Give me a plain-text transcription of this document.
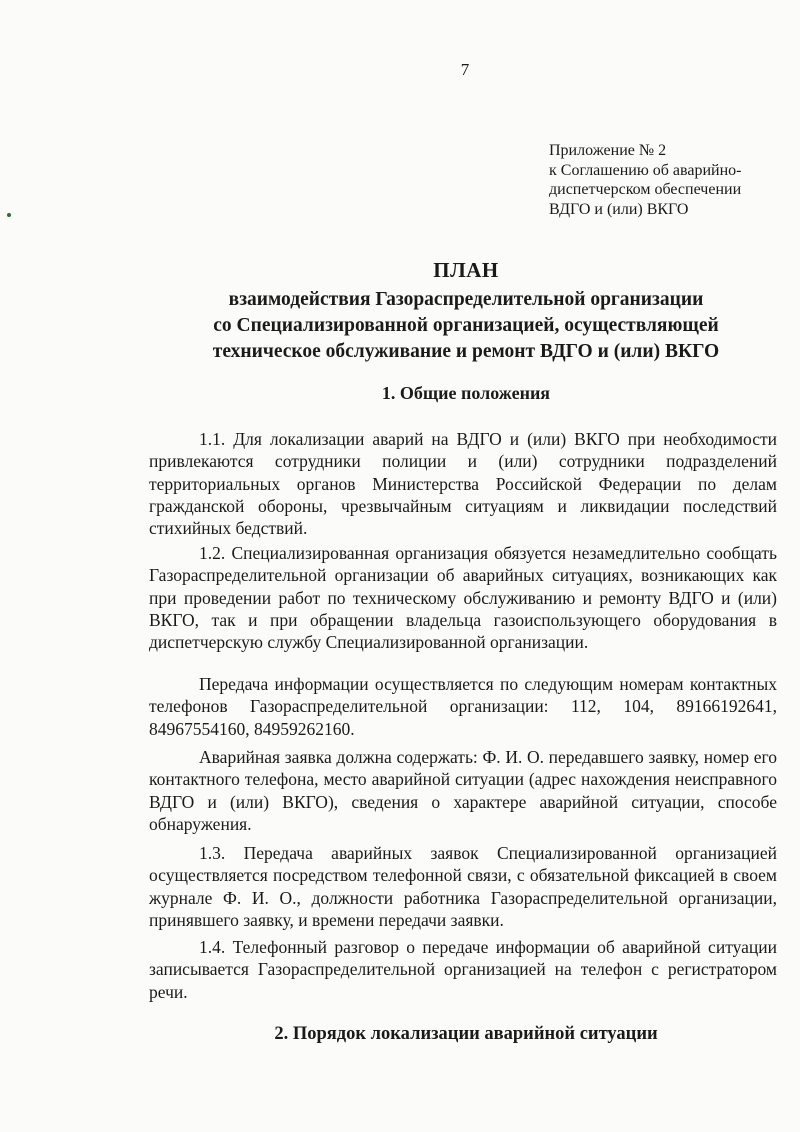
7
Приложение № 2
к Соглашению об аварийно-
диспетчерском обеспечении
ВДГО и (или) ВКГО
ПЛАН
взаимодействия Газораспределительной организации
со Специализированной организацией, осуществляющей
техническое обслуживание и ремонт ВДГО и (или) ВКГО
1. Общие положения

1.1. Для локализации аварий на ВДГО и (или) ВКГО при необходимости привлекаются сотрудники полиции и (или) сотрудники подразделений территориальных органов Министерства Российской Федерации по делам гражданской обороны, чрезвычайным ситуациям и ликвидации последствий стихийных бедствий.

1.2. Специализированная организация обязуется незамедлительно сообщать Газораспределительной организации об аварийных ситуациях, возникающих как при проведении работ по техническому обслуживанию и ремонту ВДГО и (или) ВКГО, так и при обращении владельца газоиспользующего оборудования в диспетчерскую службу Специализированной организации.

Передача информации осуществляется по следующим номерам контактных телефонов Газораспределительной организации: 112, 104, 89166192641, 84967554160, 84959262160.

Аварийная заявка должна содержать: Ф. И. О. передавшего заявку, номер его контактного телефона, место аварийной ситуации (адрес нахождения неисправного ВДГО и (или) ВКГО), сведения о характере аварийной ситуации, способе обнаружения.

1.3. Передача аварийных заявок Специализированной организацией осуществляется посредством телефонной связи, с обязательной фиксацией в своем журнале Ф. И. О., должности работника Газораспределительной организации, принявшего заявку, и времени передачи заявки.

1.4. Телефонный разговор о передаче информации об аварийной ситуации записывается Газораспределительной организацией на телефон с регистратором речи.

2. Порядок локализации аварийной ситуации
